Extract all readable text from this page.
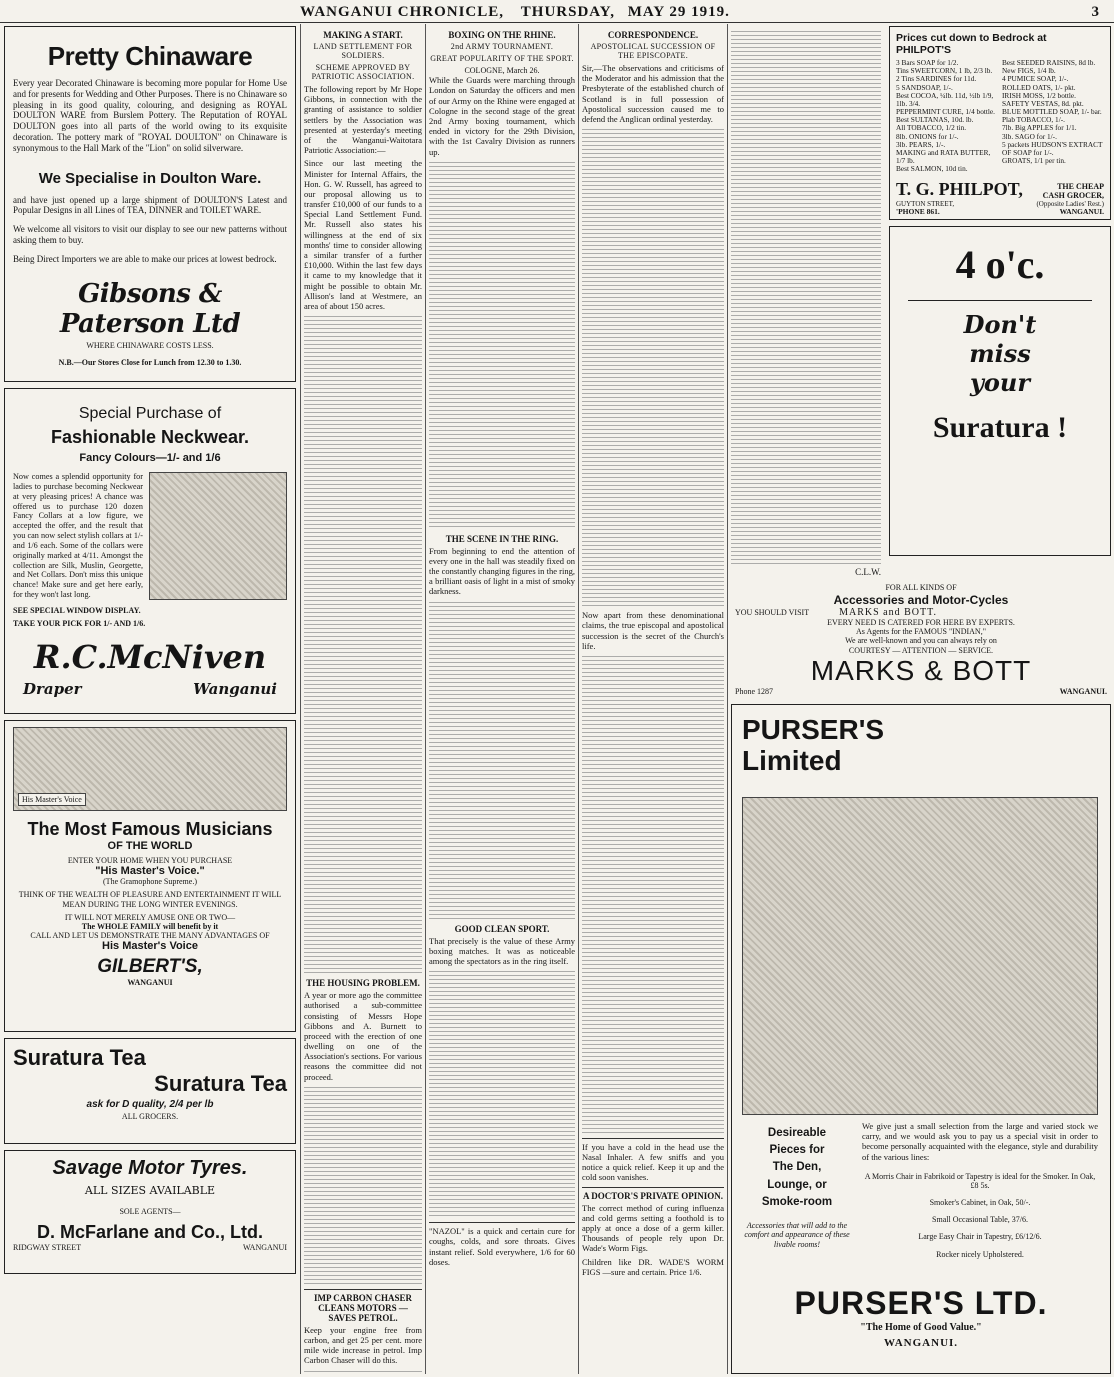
WANGANUI CHRONICLE, THURSDAY, MAY 29 1919.	3
Pretty Chinaware
Every year Decorated Chinaware is becoming more popular for Home Use and for presents for Wedding and Other Purposes. There is no Chinaware so pleasing in its good quality, colouring, and designing as ROYAL DOULTON WARE from Burslem Pottery. The Reputation of ROYAL DOULTON goes into all parts of the world owing to its exquisite decoration. The pottery mark of "ROYAL DOULTON" on Chinaware is synonymous to the Hall Mark of the "Lion" on solid silverware.
We Specialise in Doulton Ware.
and have just opened up a large shipment of DOULTON'S Latest and Popular Designs in all Lines of TEA, DINNER and TOILET WARE.
We welcome all visitors to visit our display to see our new patterns without asking them to buy.
Being Direct Importers we are able to make our prices at lowest bedrock.
Gibsons & Paterson Ltd
WHERE CHINAWARE COSTS LESS.
N.B.—Our Stores Close for Lunch from 12.30 to 1.30.
Special Purchase of
Fashionable Neckwear.
Fancy Colours—1/- and 1/6
Now comes a splendid opportunity for ladies to purchase becoming Neckwear at very pleasing prices! A chance was offered us to purchase 120 dozen Fancy Collars at a low figure, we accepted the offer, and the result that you can now select stylish collars at 1/- and 1/6 each. Some of the collars were originally marked at 4/11. Amongst the collection are Silk, Muslin, Georgette, and Net Collars. Don't miss this unique chance! Make sure and get here early, for they won't last long.
SEE SPECIAL WINDOW DISPLAY.
TAKE YOUR PICK FOR 1/- AND 1/6.
R.C.McNiven
Draper	Wanganui
His Master's Voice
The Most Famous Musicians
OF THE WORLD
ENTER YOUR HOME WHEN YOU PURCHASE
"His Master's Voice."
(The Gramophone Supreme.)
THINK OF THE WEALTH OF PLEASURE AND ENTERTAINMENT IT WILL MEAN DURING THE LONG WINTER EVENINGS.
IT WILL NOT MERELY AMUSE ONE OR TWO—
The WHOLE FAMILY will benefit by it
CALL AND LET US DEMONSTRATE THE MANY ADVANTAGES OF
His Master's Voice
GILBERT'S,
WANGANUI
Suratura Tea
Suratura Tea
ask for D quality, 2/4 per lb
ALL GROCERS.
Savage Motor Tyres.
ALL SIZES AVAILABLE
SOLE AGENTS—
D. McFarlane and Co., Ltd.
RIDGWAY STREET	WANGANUI
MAKING A START.
LAND SETTLEMENT FOR SOLDIERS.
SCHEME APPROVED BY PATRIOTIC ASSOCIATION.
The following report by Mr Hope Gibbons, in connection with the granting of assistance to soldier settlers by the Association was presented at yesterday's meeting of the Wanganui-Waitotara Patriotic Association:—
Since our last meeting the Minister for Internal Affairs, the Hon. G. W. Russell, has agreed to our proposal allowing us to transfer £10,000 of our funds to a Special Land Settlement Fund. Mr. Russell also states his willingness at the end of six months' time to consider allowing a similar transfer of a further £10,000. Within the last few days it came to my knowledge that it might be possible to obtain Mr. Allison's land at Westmere, an area of about 150 acres.
THE HOUSING PROBLEM.
A year or more ago the committee authorised a sub-committee consisting of Messrs Hope Gibbons and A. Burnett to proceed with the erection of one dwelling on one of the Association's sections. For various reasons the committee did not proceed.
IMP CARBON CHASER CLEANS MOTORS — SAVES PETROL.
Keep your engine free from carbon, and get 25 per cent. more mile wide increase in petrol. Imp Carbon Chaser will do this.
BOXING ON THE RHINE.
2nd ARMY TOURNAMENT.
GREAT POPULARITY OF THE SPORT.
COLOGNE, March 26.
While the Guards were marching through London on Saturday the officers and men of our Army on the Rhine were engaged at Cologne in the second stage of the great 2nd Army boxing tournament, which ended in victory for the 29th Division, with the 1st Cavalry Division as runners up.
THE SCENE IN THE RING.
From beginning to end the attention of every one in the hall was steadily fixed on the constantly changing figures in the ring, a brilliant oasis of light in a mist of smoky darkness.
GOOD CLEAN SPORT.
That precisely is the value of these Army boxing matches. It was as noticeable among the spectators as in the ring itself.
"NAZOL" is a quick and certain cure for coughs, colds, and sore throats. Gives instant relief. Sold everywhere, 1/6 for 60 doses.
CORRESPONDENCE.
APOSTOLICAL SUCCESSION OF THE EPISCOPATE.
Sir,—The observations and criticisms of the Moderator and his admission that the Presbyterate of the established church of Scotland is in full possession of Apostolical succession caused me to defend the Anglican ordinal yesterday.
Now apart from these denominational claims, the true episcopal and apostolical succession is the secret of the Church's life.
If you have a cold in the head use the Nasal Inhaler. A few sniffs and you notice a quick relief. Keep it up and the cold soon vanishes.
A DOCTOR'S PRIVATE OPINION.
The correct method of curing influenza and cold germs setting a foothold is to apply at once a dose of a germ killer. Thousands of people rely upon Dr. Wade's Worm Figs.
Children like DR. WADE'S WORM FIGS —sure and certain. Price 1/6.
C.L.W.
Prices cut down to Bedrock at PHILPOT'S
3 Bars SOAP for 1/2.
Tins SWEETCORN, 1 lb, 2/3 lb.
2 Tins SARDINES for 11d.
5 SANDSOAP, 1/-.
Best COCOA, ¼lb. 11d, ½lb 1/9, 1lb. 3/4.
PEPPERMINT CURE, 1/4 bottle.
Best SULTANAS, 10d. lb.
All TOBACCO, 1/2 tin.
8lb. ONIONS for 1/-.
3lb. PEARS, 1/-.
MAKING and RATA BUTTER, 1/7 lb.
Best SALMON, 10d tin.
Best SEEDED RAISINS, 8d lb.
New FIGS, 1/4 lb.
4 PUMICE SOAP, 1/-.
ROLLED OATS, 1/- pkt.
IRISH MOSS, 1/2 bottle.
SAFETY VESTAS, 8d. pkt.
BLUE MOTTLED SOAP, 1/- bar.
Plab TOBACCO, 1/-.
7lb. Big APPLES for 1/1.
3lb. SAGO for 1/-.
5 packets HUDSON'S EXTRACT OF SOAP for 1/-.
GROATS, 1/1 per tin.
T. G. PHILPOT,	THE CHEAP
CASH GROCER,
GUYTON STREET,	(Opposite Ladies' Rest.)
'PHONE 861.	WANGANUI.
4 o'c.
Don't
miss
your
Suratura !
FOR ALL KINDS OF
Accessories and Motor-Cycles
YOU SHOULD VISIT	MARKS and BOTT.
EVERY NEED IS CATERED FOR HERE BY EXPERTS.
As Agents for the FAMOUS "INDIAN,"
We are well-known and you can always rely on
COURTESY — ATTENTION — SERVICE.
MARKS & BOTT
Phone 1287	WANGANUI.
PURSER'S
Limited
Desireable
Pieces for
The Den,
Lounge, or
Smoke-room
Accessories that will add to the comfort and appearance of these livable rooms!
We give just a small selection from the large and varied stock we carry, and we would ask you to pay us a special visit in order to become personally acquainted with the elegance, style and durability of the various lines:
A Morris Chair in Fabrikoid or Tapestry is ideal for the Smoker. In Oak, £8 5s.
Smoker's Cabinet, in Oak, 50/-.
Small Occasional Table, 37/6.
Large Easy Chair in Tapestry, £6/12/6.
Rocker nicely Upholstered.
PURSER'S LTD.
"The Home of Good Value."
WANGANUI.
